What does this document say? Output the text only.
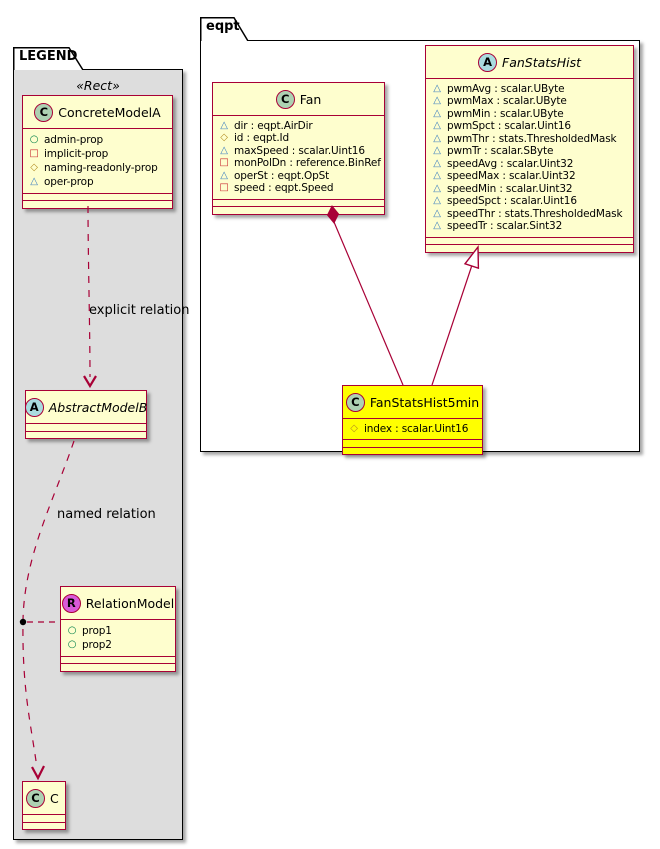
LEGEND
«Rect»
C ConcreteModelA
○ admin-prop
□ implicit-prop
◇ naming-readonly-prop
△ oper-prop
A AbstractModelB
R RelationModel
○ prop1
○ prop2
C C
eqpt
C Fan
△ dir : eqpt.AirDir
◇ id : eqpt.Id
△ maxSpeed : scalar.Uint16
□ monPolDn : reference.BinRef
△ operSt : eqpt.OpSt
□ speed : eqpt.Speed
A FanStatsHist
△ pwmAvg : scalar.UByte
△ pwmMax : scalar.UByte
△ pwmMin : scalar.UByte
△ pwmSpct : scalar.Uint16
△ pwmThr : stats.ThresholdedMask
△ pwmTr : scalar.SByte
△ speedAvg : scalar.Uint32
△ speedMax : scalar.Uint32
△ speedMin : scalar.Uint32
△ speedSpct : scalar.Uint16
△ speedThr : stats.ThresholdedMask
△ speedTr : scalar.Sint32
C FanStatsHist5min
◇ index : scalar.Uint16
explicit relation
named relation
